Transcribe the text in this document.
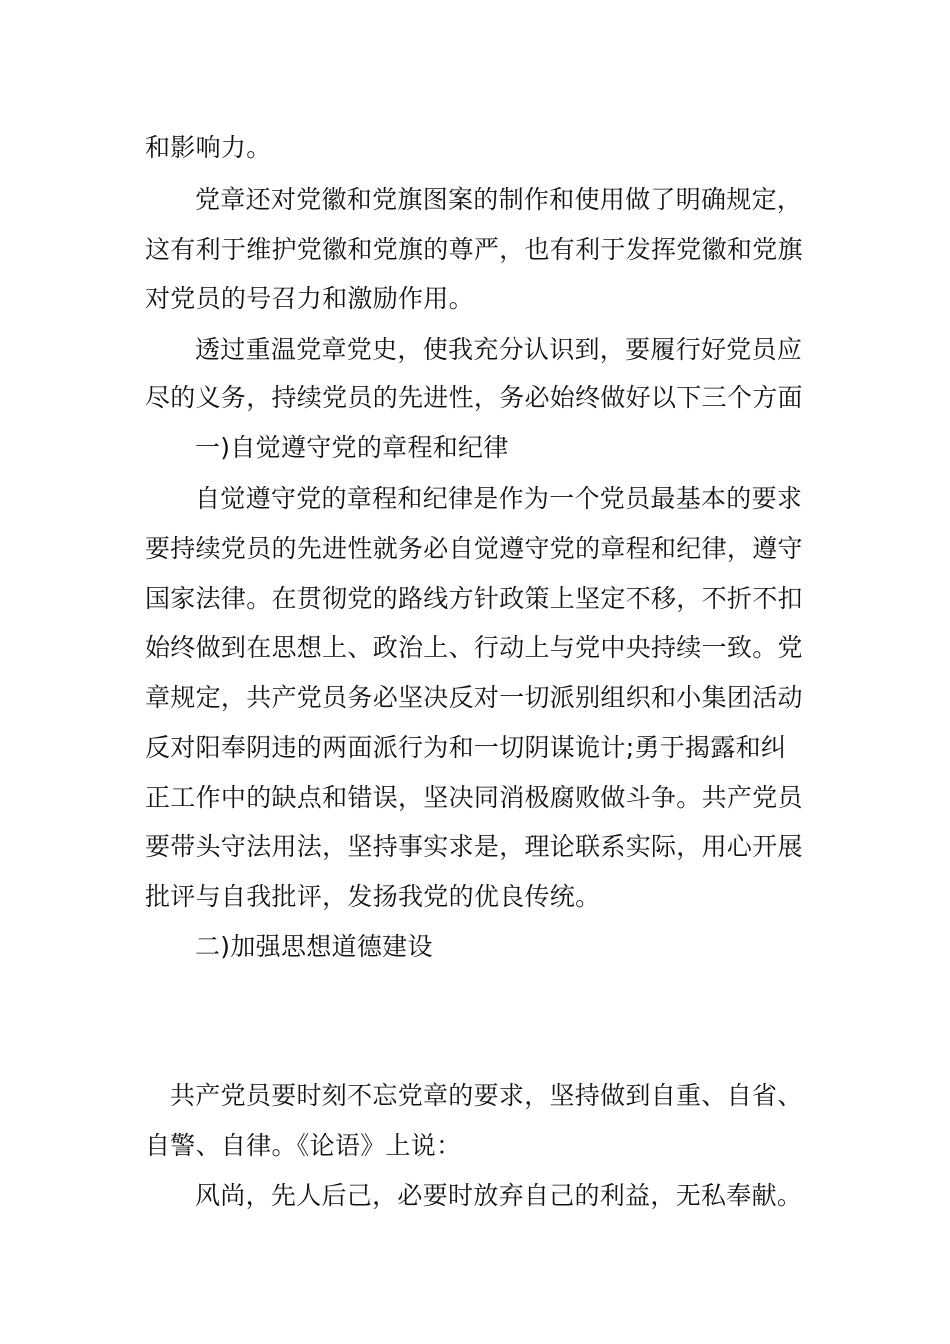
和影响力。
党章还对党徽和党旗图案的制作和使用做了明确规定，
这有利于维护党徽和党旗的尊严，也有利于发挥党徽和党旗
对党员的号召力和激励作用。
透过重温党章党史，使我充分认识到，要履行好党员应
尽的义务，持续党员的先进性，务必始终做好以下三个方面
一)自觉遵守党的章程和纪律
自觉遵守党的章程和纪律是作为一个党员最基本的要求
要持续党员的先进性就务必自觉遵守党的章程和纪律，遵守
国家法律。在贯彻党的路线方针政策上坚定不移，不折不扣
始终做到在思想上、政治上、行动上与党中央持续一致。党
章规定，共产党员务必坚决反对一切派别组织和小集团活动
反对阳奉阴违的两面派行为和一切阴谋诡计;勇于揭露和纠
正工作中的缺点和错误，坚决同消极腐败做斗争。共产党员
要带头守法用法，坚持事实求是，理论联系实际，用心开展
批评与自我批评，发扬我党的优良传统。
二)加强思想道德建设
共产党员要时刻不忘党章的要求，坚持做到自重、自省、
自警、自律。《论语》上说：
风尚，先人后己，必要时放弃自己的利益，无私奉献。
